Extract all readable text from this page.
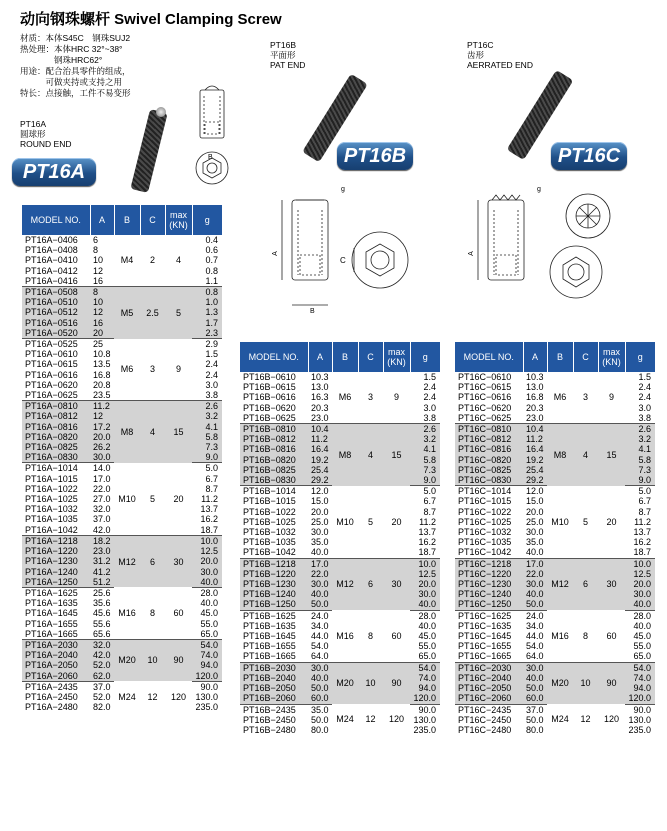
动向钢珠螺杆 Swivel Clamping Screw
材质：本体S45C　钢珠SUJ2
热处理：本体HRC 32°~38°
　　　　钢珠HRC62°
用途：配合治具零件的组成，
　　　可做夹持或支持之用
特长：点接触，工件不易变形
PT16A
圆球形
ROUND END
PT16A
B
PT16B
平面形
PAT END
PT16B
PT16C
齿形
AERRATED END
PT16C
A
C
B
g
A
g
MODEL NO.	A	B	C	max (KN)	g
PT16A−0406	6	M4	2	4	0.4
PT16A−0408	8				0.6
PT16A−0410	10				0.7
PT16A−0412	12				0.8
PT16A−0416	16				1.1
PT16A−0508	8	M5	2.5	5	0.8
PT16A−0510	10				1.0
PT16A−0512	12				1.3
PT16A−0516	16				1.7
PT16A−0520	20				2.3
PT16A−0525	25	M6	3	9	2.9
PT16A−0610	10.8				1.5
PT16A−0615	13.5				2.4
PT16A−0616	16.8				2.4
PT16A−0620	20.8				3.0
PT16A−0625	23.5				3.8
PT16A−0810	11.2	M8	4	15	2.6
PT16A−0812	12				3.2
PT16A−0816	17.2				4.1
PT16A−0820	20.0				5.8
PT16A−0825	26.2				7.3
PT16A−0830	30.0				9.0
PT16A−1014	14.0	M10	5	20	5.0
PT16A−1015	17.0				6.7
PT16A−1022	22.0				8.7
PT16A−1025	27.0				11.2
PT16A−1032	32.0				13.7
PT16A−1035	37.0				16.2
PT16A−1042	42.0				18.7
PT16A−1218	18.2	M12	6	30	10.0
PT16A−1220	23.0				12.5
PT16A−1230	31.2				20.0
PT16A−1240	41.2				30.0
PT16A−1250	51.2				40.0
PT16A−1625	25.6	M16	8	60	28.0
PT16A−1635	35.6				40.0
PT16A−1645	45.6				45.0
PT16A−1655	55.6				55.0
PT16A−1665	65.6				65.0
PT16A−2030	32.0	M20	10	90	54.0
PT16A−2040	42.0				74.0
PT16A−2050	52.0				94.0
PT16A−2060	62.0				120.0
PT16A−2435	37.0	M24	12	120	90.0
PT16A−2450	52.0				130.0
PT16A−2480	82.0				235.0
MODEL NO.	A	B	C	max (KN)	g
PT16B−0610	10.3	M6	3	9	1.5
PT16B−0615	13.0				2.4
PT16B−0616	16.3				2.4
PT16B−0620	20.3				3.0
PT16B−0625	23.0				3.8
PT16B−0810	10.4	M8	4	15	2.6
PT16B−0812	11.2				3.2
PT16B−0816	16.4				4.1
PT16B−0820	19.2				5.8
PT16B−0825	25.4				7.3
PT16B−0830	29.2				9.0
PT16B−1014	12.0	M10	5	20	5.0
PT16B−1015	15.0				6.7
PT16B−1022	20.0				8.7
PT16B−1025	25.0				11.2
PT16B−1032	30.0				13.7
PT16B−1035	35.0				16.2
PT16B−1042	40.0				18.7
PT16B−1218	17.0	M12	6	30	10.0
PT16B−1220	22.0				12.5
PT16B−1230	30.0				20.0
PT16B−1240	40.0				30.0
PT16B−1250	50.0				40.0
PT16B−1625	24.0	M16	8	60	28.0
PT16B−1635	34.0				40.0
PT16B−1645	44.0				45.0
PT16B−1655	54.0				55.0
PT16B−1665	64.0				65.0
PT16B−2030	30.0	M20	10	90	54.0
PT16B−2040	40.0				74.0
PT16B−2050	50.0				94.0
PT16B−2060	60.0				120.0
PT16B−2435	35.0	M24	12	120	90.0
PT16B−2450	50.0				130.0
PT16B−2480	80.0				235.0
MODEL NO.	A	B	C	max (KN)	g
PT16C−0610	10.3	M6	3	9	1.5
PT16C−0615	13.0				2.4
PT16C−0616	16.8				2.4
PT16C−0620	20.3				3.0
PT16C−0625	23.0				3.8
PT16C−0810	10.4	M8	4	15	2.6
PT16C−0812	11.2				3.2
PT16C−0816	16.4				4.1
PT16C−0820	19.2				5.8
PT16C−0825	25.4				7.3
PT16C−0830	29.2				9.0
PT16C−1014	12.0	M10	5	20	5.0
PT16C−1015	15.0				6.7
PT16C−1022	20.0				8.7
PT16C−1025	25.0				11.2
PT16C−1032	30.0				13.7
PT16C−1035	35.0				16.2
PT16C−1042	40.0				18.7
PT16C−1218	17.0	M12	6	30	10.0
PT16C−1220	22.0				12.5
PT16C−1230	30.0				20.0
PT16C−1240	40.0				30.0
PT16C−1250	50.0				40.0
PT16C−1625	24.0	M16	8	60	28.0
PT16C−1635	34.0				40.0
PT16C−1645	44.0				45.0
PT16C−1655	54.0				55.0
PT16C−1665	64.0				65.0
PT16C−2030	30.0	M20	10	90	54.0
PT16C−2040	40.0				74.0
PT16C−2050	50.0				94.0
PT16C−2060	60.0				120.0
PT16C−2435	37.0	M24	12	120	90.0
PT16C−2450	50.0				130.0
PT16C−2480	80.0				235.0
